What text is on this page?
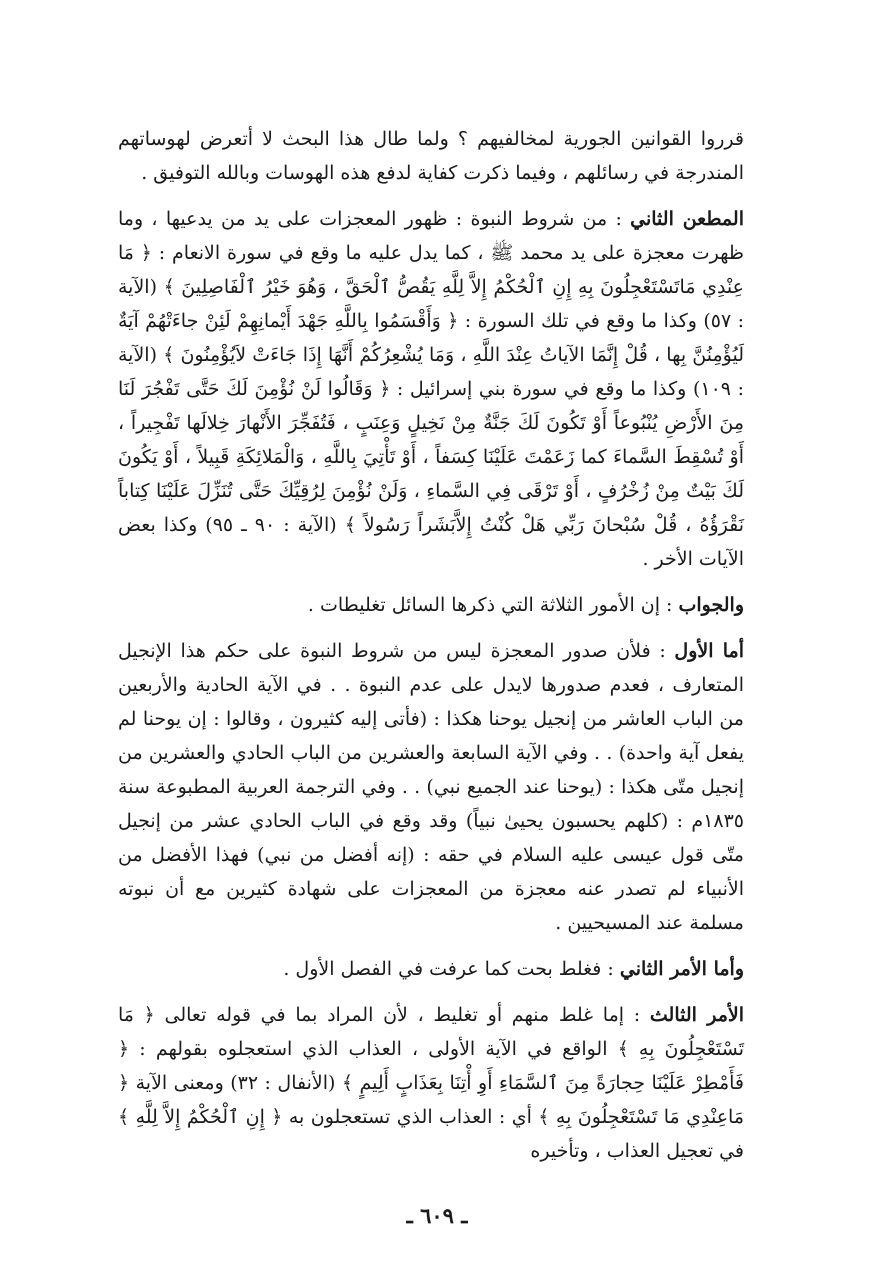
قرروا القوانين الجورية لمخالفيهم ؟ ولما طال هذا البحث لا أتعرض لهوساتهم المندرجة في رسائلهم ، وفيما ذكرت كفاية لدفع هذه الهوسات وبالله التوفيق .

المطعن الثاني : من شروط النبوة : ظهور المعجزات على يد من يدعيها ، وما ظهرت معجزة على يد محمد ﷺ ، كما يدل عليه ما وقع في سورة الانعام : ﴿ مَا عِنْدِي مَاتَسْتَعْجِلُونَ بِهِ إِنِ ٱلْحُكْمُ إِلاَّ لِلَّهِ يَقُصُّ ٱلْحَقَّ ، وَهُوَ خَيْرُ ٱلْفَاصِلِينَ ﴾ (الآية : ٥٧) وكذا ما وقع في تلك السورة : ﴿ وَأَقْسَمُوا بِاللَّهِ جَهْدَ أَيْمانِهِمْ لَئِنْ جاءَتْهُمْ آيَةٌ لَيُؤْمِنُنَّ بِها ، قُلْ إِنَّمَا الآياتُ عِنْدَ اللَّهِ ، وَمَا يُشْعِرُكُمْ أَنَّهَا إِذَا جَاءَتْ لاَيُؤْمِنُونَ ﴾ (الآية : ١٠٩) وكذا ما وقع في سورة بني إسرائيل : ﴿ وَقَالُوا لَنْ نُؤْمِنَ لَكَ حَتَّى تَفْجُرَ لَنَا مِنَ الأَرْضِ يُنْبُوعاً أَوْ تَكُونَ لَكَ جَنَّةٌ مِنْ نَخِيلٍ وَعِنَبٍ ، فَتُفَجِّرَ الأَنْهارَ خِلالَها تَفْجِيراً ، أَوْ تُسْقِطَ السَّماءَ كما زَعَمْتَ عَلَيْنَا كِسَفاً ، أَوْ تَأْتِيَ بِاللَّهِ ، وَالْمَلائِكَةِ قَبِيلاً ، أَوْ يَكُونَ لَكَ بَيْتٌ مِنْ زُخْرُفٍ ، أَوْ تَرْقَى فِي السَّماءِ ، وَلَنْ نُؤْمِنَ لِرُقِيِّكَ حَتَّى تُنَزِّلَ عَلَيْنَا كِتاباً نَقْرَؤُهُ ، قُلْ سُبْحانَ رَبِّي هَلْ كُنْتُ إِلاَّبَشَراً رَسُولاً ﴾ (الآية : ٩٠ ـ ٩٥) وكذا بعض الآيات الأخر .

والجواب : إن الأمور الثلاثة التي ذكرها السائل تغليطات .

أما الأول : فلأن صدور المعجزة ليس من شروط النبوة على حكم هذا الإنجيل المتعارف ، فعدم صدورها لايدل على عدم النبوة . . في الآية الحادية والأربعين من الباب العاشر من إنجيل يوحنا هكذا : (فأتى إليه كثيرون ، وقالوا : إن يوحنا لم يفعل آية واحدة) . . وفي الآية السابعة والعشرين من الباب الحادي والعشرين من إنجيل متّى هكذا : (يوحنا عند الجميع نبي) . . وفي الترجمة العربية المطبوعة سنة ١٨٣٥م : (كلهم يحسبون يحيىٰ نبياً) وقد وقع في الباب الحادي عشر من إنجيل متّى قول عيسى عليه السلام في حقه : (إنه أفضل من نبي) فهذا الأفضل من الأنبياء لم تصدر عنه معجزة من المعجزات على شهادة كثيرين مع أن نبوته مسلمة عند المسيحيين .

وأما الأمر الثاني : فغلط بحت كما عرفت في الفصل الأول .

الأمر الثالث : إما غلط منهم أو تغليط ، لأن المراد بما في قوله تعالى ﴿ مَا تَسْتَعْجِلُونَ بِهِ ﴾ الواقع في الآية الأولى ، العذاب الذي استعجلوه بقولهم : ﴿ فَأَمْطِرْ عَلَيْنَا حِجارَةً مِنَ ٱلسَّمَاءِ أَوِ أْتِنَا بِعَذَابٍ أَلِيمٍ ﴾ (الأنفال : ٣٢) ومعنى الآية ﴿ مَاعِنْدِي مَا تَسْتَعْجِلُونَ بِهِ ﴾ أي : العذاب الذي تستعجلون به ﴿ إِنِ ٱلْحُكْمُ إِلاَّ لِلَّهِ ﴾ في تعجيل العذاب ، وتأخيره

ـ ٦٠٩ ـ
